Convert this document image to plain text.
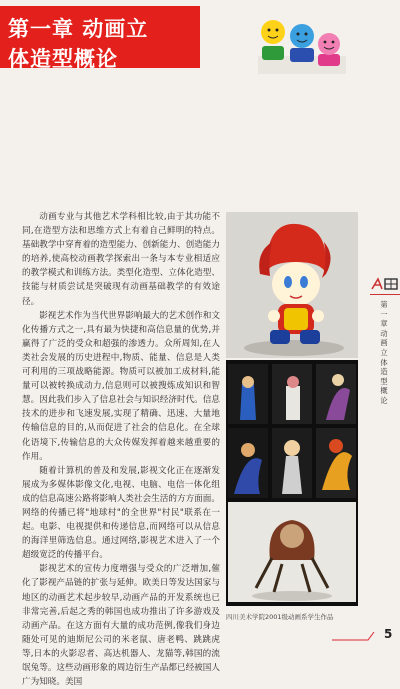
第一章 动画立
体造型概论

动画专业与其他艺术学科相比较,由于其功能不同,在造型方法和思维方式上有着自己鲜明的特点。基础教学中穿育着的造型能力、创新能力、创造能力的培养,使高校动画教学探索出一条与本专业相适应的教学模式和训练方法。类型化造型、立体化造型、技能与材质尝试是突破现有动画基础教学的有效途径。

影视艺术作为当代世界影响最大的艺术创作和文化传播方式之一,具有最为快捷和高信息量的优势,并赢得了广泛的受众和超强的渗透力。众所周知,在人类社会发展的历史进程中,物质、能量、信息是人类可利用的三项战略能源。物质可以被加工成材料,能量可以被转换成动力,信息则可以被搜炼成知识和智慧。因此我们步入了信息社会与知识经济时代。信息技术的进步和飞速发展,实现了精确、迅速、大量地传输信息的目的,从而促进了社会的信息化。在全球化语境下,传输信息的大众传媒发挥着越来越重要的作用。

随着计算机的普及和发展,影视文化正在逐渐发展成为多媒体影像文化,电视、电脑、电信一体化组成的信息高速公路将影响人类社会生活的方方面面。网络的传播已将"地球村"的全世界"村民"联系在一起。电影、电视提供和传递信息,而网络可以从信息的海洋里筛选信息。通过网络,影视艺术进入了一个超级宽泛的传播平台。

影视艺术的宣传力度增强与受众的广泛增加,催化了影视产品链的扩张与延伸。欧美日等发达国家与地区的动画艺术起步较早,动画产品的开发系统也已非常完善,后起之秀的韩国也成功推出了许多游戏及动画产品。在这方面有大量的成功范例,像我们身边随处可见的迪斯尼公司的米老鼠、唐老鸭、跳跳虎等,日本的火影忍者、高达机器人、龙猫等,韩国的流氓兔等。这些动画形象的周边衍生产品都已经被国人广为知晓。美国

四川美术学院2001级动画系学生作品
第一章 动画立体造型概论
5
